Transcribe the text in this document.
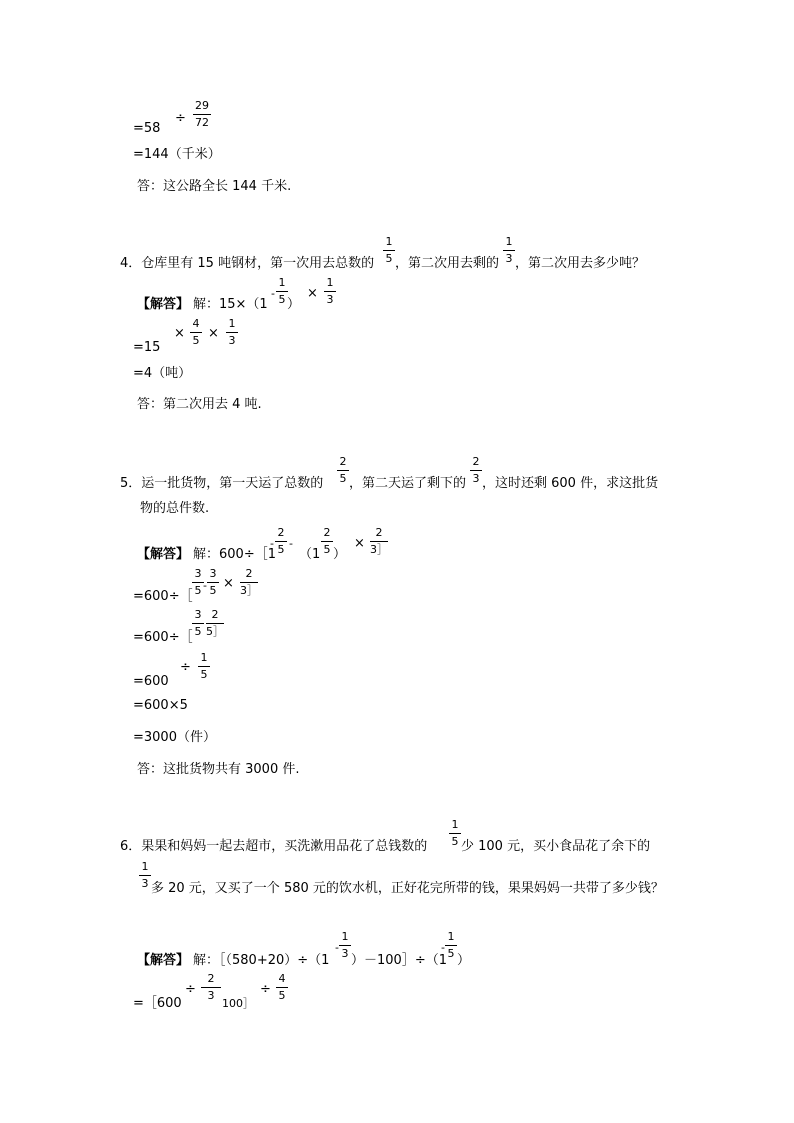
=58
÷
29
72
=144（千米）
答：这公路全长 144 千米.
4．仓库里有 15 吨钢材，第一次用去总数的
1
5 ，第二次用去剩的
1
3 ，第二次用去多少吨？
【解答】 解：15×（1
-
1
5 ）
×
1
3
=15
×
4
5 ×
1
3
=4（吨）
答：第二次用去 4 吨.
5．运一批货物，第一天运了总数的
2
5 ，第二天运了剩下的
2
3 ，这时还剩 600 件，求这批货
物的总件数.
【解答】 解：600÷［1
-
2
5 -
（1
2
5 ）
×
2
3］
=600÷［
3
5 -
3
5 ×
2
3］
=600÷［
3
5
2
5］
=600
÷
1
5
=600×5
=3000（件）
答：这批货物共有 3000 件.
6．果果和妈妈一起去超市，买洗漱用品花了总钱数的
1
5 少 100 元，买小食品花了余下的
1
3 多 20 元，又买了一个 580 元的饮水机，正好花完所带的钱，果果妈妈一共带了多少钱？
【解答】 解：［（580+20）÷（1
-
1
3 ）－100］÷（1
-
1
5 ）
=［600
÷
2
3
100］
÷
4
5
